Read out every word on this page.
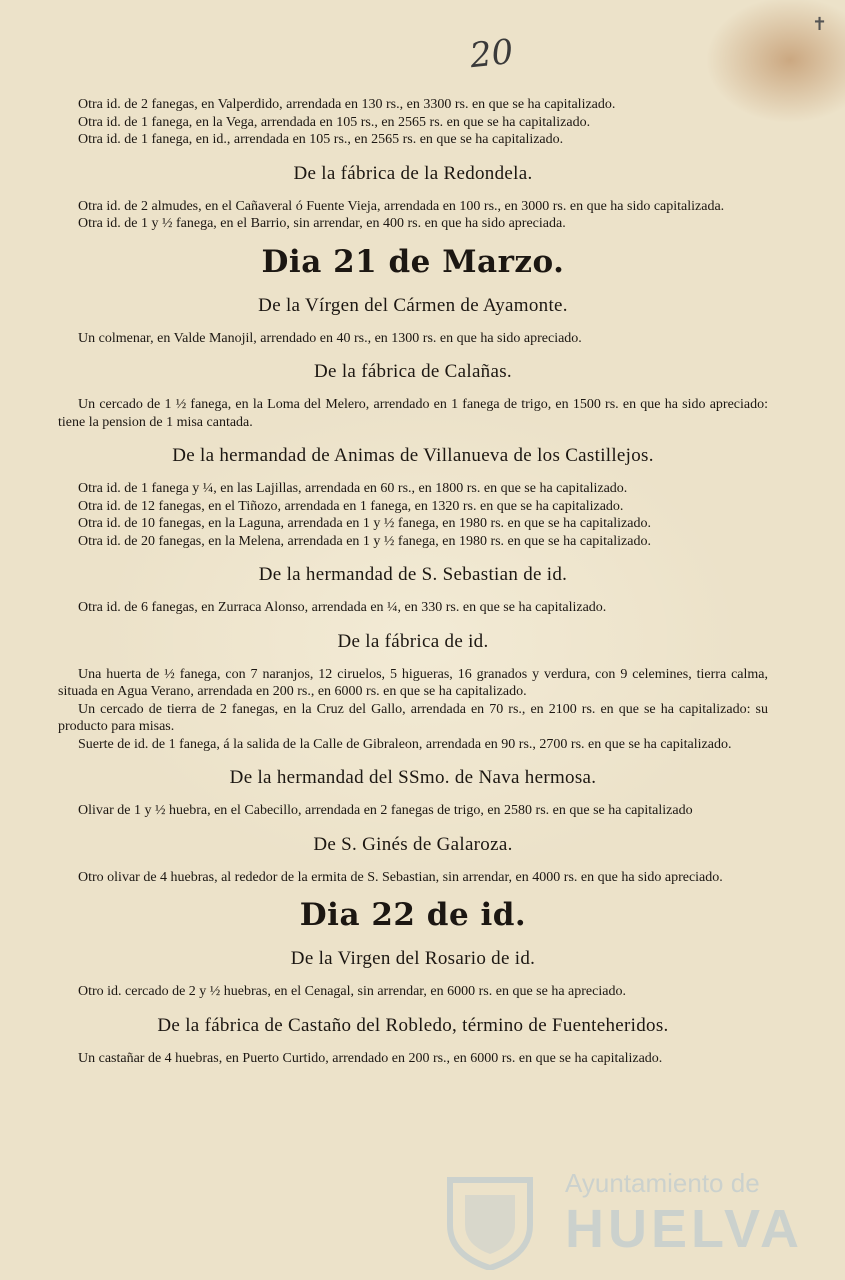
20
✝
Otra id. de 2 fanegas, en Valperdido, arrendada en 130 rs., en 3300 rs. en que se ha capitalizado.
Otra id. de 1 fanega, en la Vega, arrendada en 105 rs., en 2565 rs. en que se ha capitalizado.
Otra id. de 1 fanega, en id., arrendada en 105 rs., en 2565 rs. en que se ha capitalizado.
De la fábrica de la Redondela.
Otra id. de 2 almudes, en el Cañaveral ó Fuente Vieja, arrendada en 100 rs., en 3000 rs. en que ha sido capitalizada.
Otra id. de 1 y ½ fanega, en el Barrio, sin arrendar, en 400 rs. en que ha sido apreciada.
Dia 21 de Marzo.
De la Vírgen del Cármen de Ayamonte.
Un colmenar, en Valde Manojil, arrendado en 40 rs., en 1300 rs. en que ha sido apreciado.
De la fábrica de Calañas.
Un cercado de 1 ½ fanega, en la Loma del Melero, arrendado en 1 fanega de trigo, en 1500 rs. en que ha sido apreciado: tiene la pension de 1 misa cantada.
De la hermandad de Animas de Villanueva de los Castillejos.
Otra id. de 1 fanega y ¼, en las Lajillas, arrendada en 60 rs., en 1800 rs. en que se ha capitalizado.
Otra id. de 12 fanegas, en el Tiñozo, arrendada en 1 fanega, en 1320 rs. en que se ha capitalizado.
Otra id. de 10 fanegas, en la Laguna, arrendada en 1 y ½ fanega, en 1980 rs. en que se ha capitalizado.
Otra id. de 20 fanegas, en la Melena, arrendada en 1 y ½ fanega, en 1980 rs. en que se ha capitalizado.
De la hermandad de S. Sebastian de id.
Otra id. de 6 fanegas, en Zurraca Alonso, arrendada en ¼, en 330 rs. en que se ha capitalizado.
De la fábrica de id.
Una huerta de ½ fanega, con 7 naranjos, 12 ciruelos, 5 higueras, 16 granados y verdura, con 9 celemines, tierra calma, situada en Agua Verano, arrendada en 200 rs., en 6000 rs. en que se ha capitalizado.
Un cercado de tierra de 2 fanegas, en la Cruz del Gallo, arrendada en 70 rs., en 2100 rs. en que se ha capitalizado: su producto para misas.
Suerte de id. de 1 fanega, á la salida de la Calle de Gibraleon, arrendada en 90 rs., 2700 rs. en que se ha capitalizado.
De la hermandad del SSmo. de Nava hermosa.
Olivar de 1 y ½ huebra, en el Cabecillo, arrendada en 2 fanegas de trigo, en 2580 rs. en que se ha capitalizado
De S. Ginés de Galaroza.
Otro olivar de 4 huebras, al rededor de la ermita de S. Sebastian, sin arrendar, en 4000 rs. en que ha sido apreciado.
Dia 22 de id.
De la Virgen del Rosario de id.
Otro id. cercado de 2 y ½ huebras, en el Cenagal, sin arrendar, en 6000 rs. en que se ha apreciado.
De la fábrica de Castaño del Robledo, término de Fuenteheridos.
Un castañar de 4 huebras, en Puerto Curtido, arrendado en 200 rs., en 6000 rs. en que se ha capitalizado.
Ayuntamiento de
HUELVA
